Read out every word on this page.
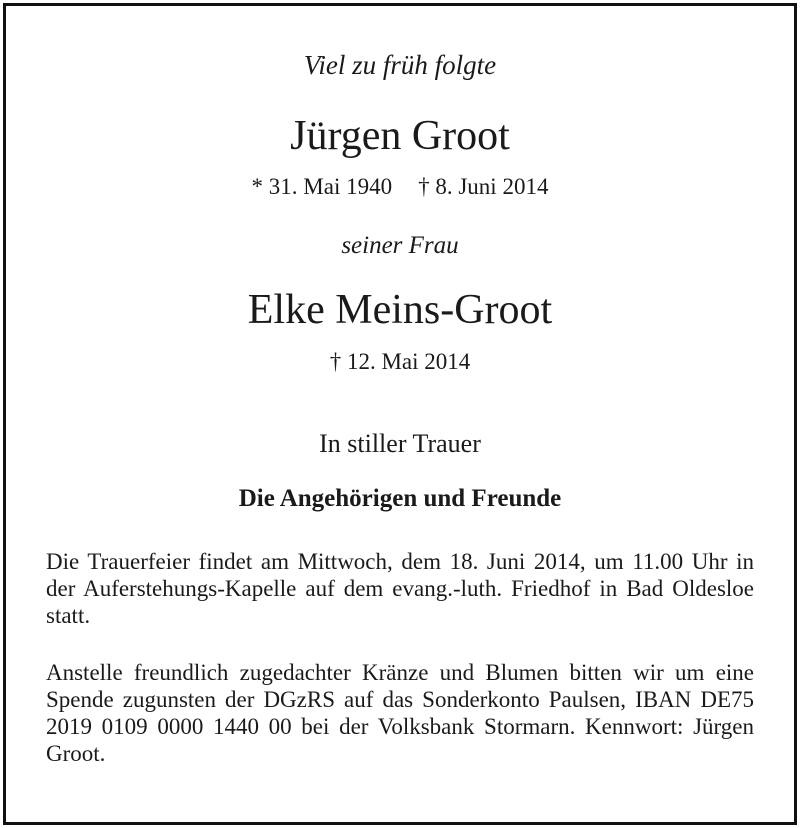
Viel zu früh folgte
Jürgen Groot
* 31. Mai 1940 † 8. Juni 2014
seiner Frau
Elke Meins-Groot
† 12. Mai 2014
In stiller Trauer
Die Angehörigen und Freunde

Die Trauerfeier findet am Mittwoch, dem 18. Juni 2014, um 11.00 Uhr in der Auferstehungs-Kapelle auf dem evang.-luth. Friedhof in Bad Oldesloe statt.

Anstelle freundlich zugedachter Kränze und Blumen bitten wir um eine Spende zugunsten der DGzRS auf das Sonderkonto Paulsen, IBAN DE75 2019 0109 0000 1440 00 bei der Volksbank Stormarn. Kennwort: Jürgen Groot.
